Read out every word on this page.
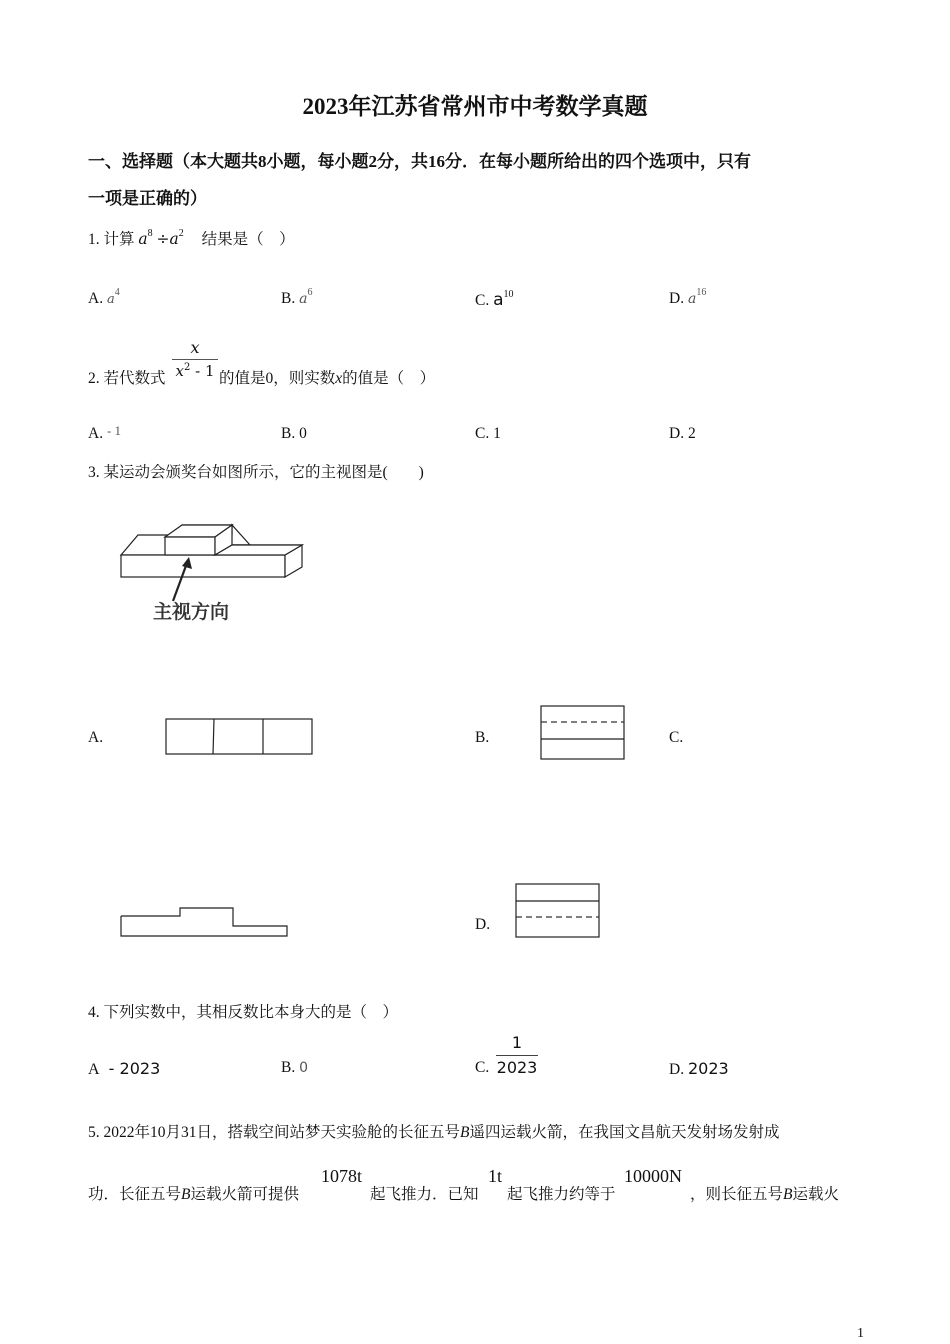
2023年江苏省常州市中考数学真题
一、选择题（本大题共8小题，每小题2分，共16分．在每小题所给出的四个选项中，只有
一项是正确的）
1. 计算 $a^8 \div a^2$ 结果是（　）
A. $a^4$	B. $a^6$	C. $a^{10}$	D. $a^{16}$
2. 若代数式 $\frac{x}{x^2 - 1}$ 的值是0，则实数x的值是（　）
A. - 1	B. 0	C. 1	D. 2
3. 某运动会颁奖台如图所示，它的主视图是(　　)
主视方向
A.	B.	C.
D.
4. 下列实数中，其相反数比本身大的是（　）
A - 2023	B. 0	C. $\frac{1}{2023}$	D. 2023
5. 2022年10月31日，搭载空间站梦天实验舱的长征五号B遥四运载火箭，在我国文昌航天发射场发射成
功．长征五号B运载火箭可提供
1078t
起飞推力．已知
1t
起飞推力约等于
10000N
，则长征五号B运载火
1
